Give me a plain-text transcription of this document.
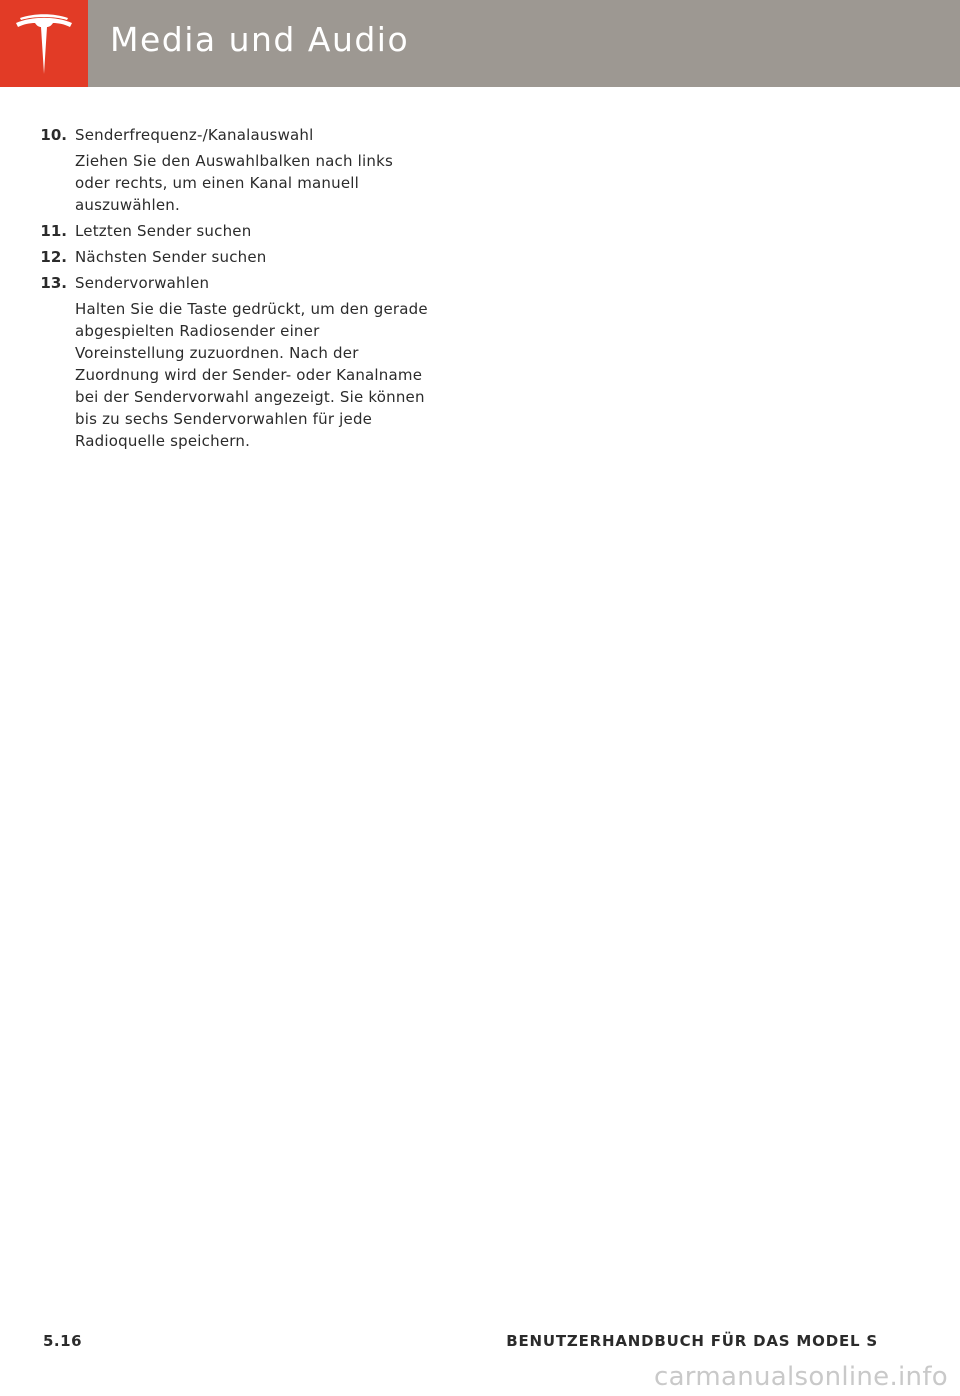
Media und Audio
10. Senderfrequenz-/Kanalauswahl
Ziehen Sie den Auswahlbalken nach links oder rechts, um einen Kanal manuell auszuwählen.
11. Letzten Sender suchen
12. Nächsten Sender suchen
13. Sendervorwahlen
Halten Sie die Taste gedrückt, um den gerade abgespielten Radiosender einer Voreinstellung zuzuordnen. Nach der Zuordnung wird der Sender- oder Kanalname bei der Sendervorwahl angezeigt. Sie können bis zu sechs Sendervorwahlen für jede Radioquelle speichern.
5.16	BENUTZERHANDBUCH FÜR DAS MODEL S
carmanualsonline.info
